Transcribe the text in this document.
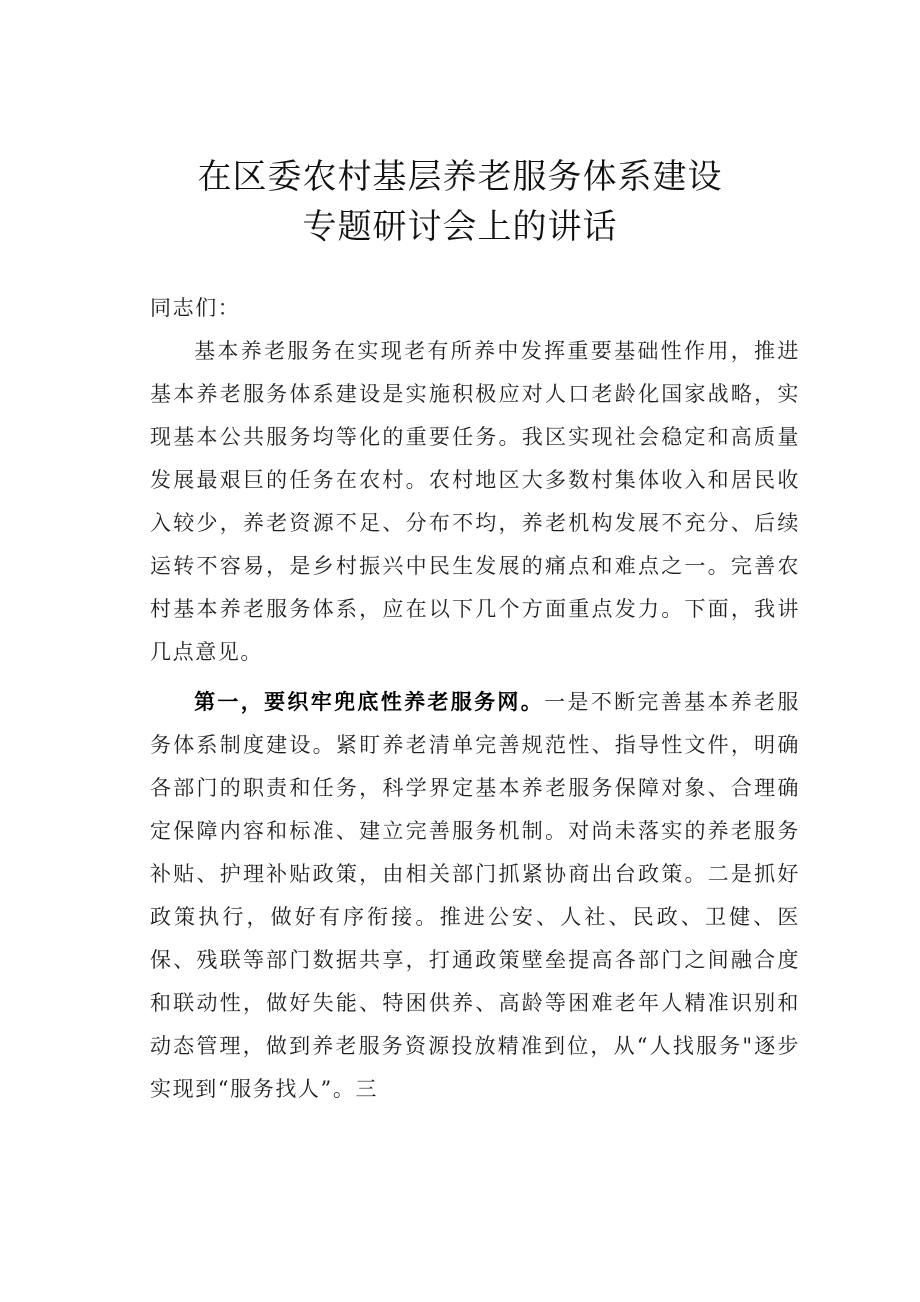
在区委农村基层养老服务体系建设
专题研讨会上的讲话

同志们：

基本养老服务在实现老有所养中发挥重要基础性作用，推进基本养老服务体系建设是实施积极应对人口老龄化国家战略，实现基本公共服务均等化的重要任务。我区实现社会稳定和高质量发展最艰巨的任务在农村。农村地区大多数村集体收入和居民收入较少，养老资源不足、分布不均，养老机构发展不充分、后续运转不容易，是乡村振兴中民生发展的痛点和难点之一。完善农村基本养老服务体系，应在以下几个方面重点发力。下面，我讲几点意见。

第一，要织牢兜底性养老服务网。一是不断完善基本养老服务体系制度建设。紧盯养老清单完善规范性、指导性文件，明确各部门的职责和任务，科学界定基本养老服务保障对象、合理确定保障内容和标准、建立完善服务机制。对尚未落实的养老服务补贴、护理补贴政策，由相关部门抓紧协商出台政策。二是抓好政策执行，做好有序衔接。推进公安、人社、民政、卫健、医保、残联等部门数据共享，打通政策壁垒提高各部门之间融合度和联动性，做好失能、特困供养、高龄等困难老年人精准识别和动态管理，做到养老服务资源投放精准到位，从“人找服务"逐步实现到“服务找人”。三
